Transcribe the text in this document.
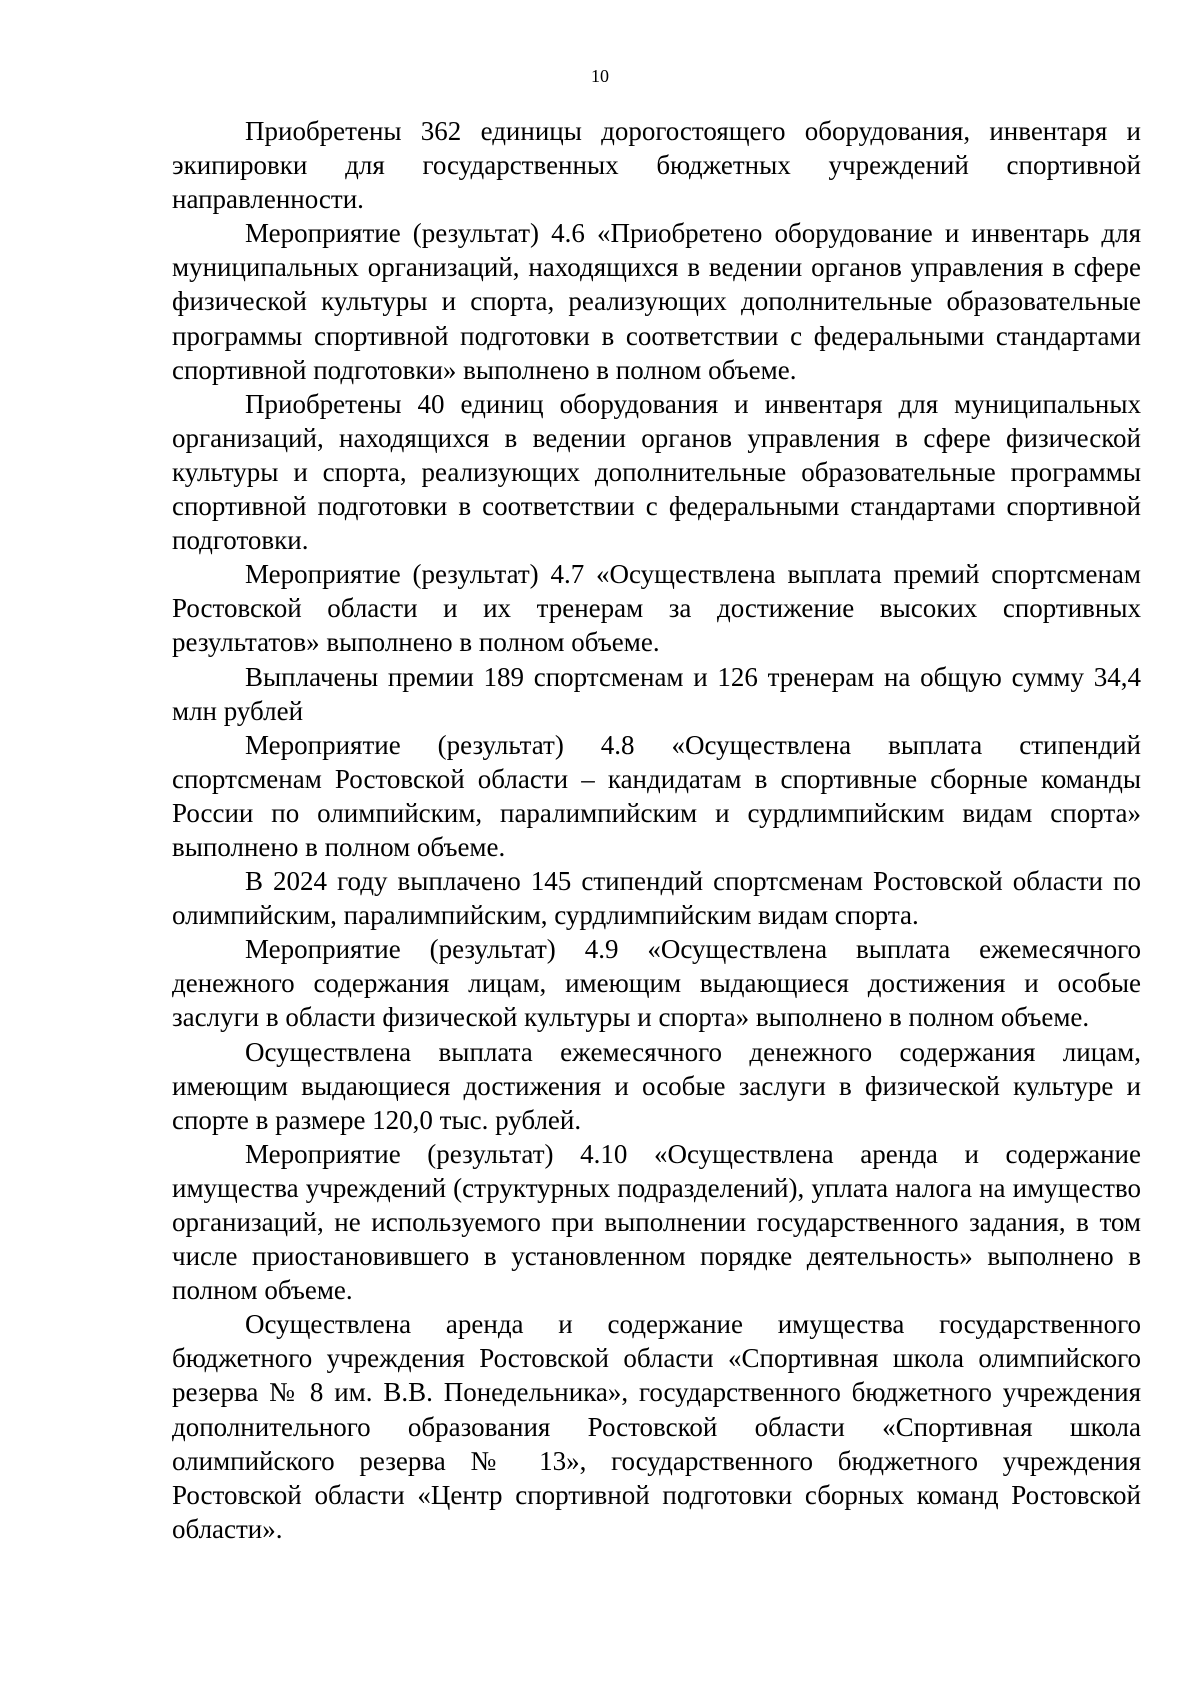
10

Приобретены 362 единицы дорогостоящего оборудования, инвентаря и экипировки для государственных бюджетных учреждений спортивной направленности.

Мероприятие (результат) 4.6 «Приобретено оборудование и инвентарь для муниципальных организаций, находящихся в ведении органов управления в сфере физической культуры и спорта, реализующих дополнительные образовательные программы спортивной подготовки в соответствии с федеральными стандартами спортивной подготовки» выполнено в полном объеме.

Приобретены 40 единиц оборудования и инвентаря для муниципальных организаций, находящихся в ведении органов управления в сфере физической культуры и спорта, реализующих дополнительные образовательные программы спортивной подготовки в соответствии с федеральными стандартами спортивной подготовки.

Мероприятие (результат) 4.7 «Осуществлена выплата премий спортсменам Ростовской области и их тренерам за достижение высоких спортивных результатов» выполнено в полном объеме.

Выплачены премии 189 спортсменам и 126 тренерам на общую сумму 34,4 млн рублей

Мероприятие (результат) 4.8 «Осуществлена выплата стипендий спортсменам Ростовской области – кандидатам в спортивные сборные команды России по олимпийским, паралимпийским и сурдлимпийским видам спорта» выполнено в полном объеме.

В 2024 году выплачено 145 стипендий спортсменам Ростовской области по олимпийским, паралимпийским, сурдлимпийским видам спорта.

Мероприятие (результат) 4.9 «Осуществлена выплата ежемесячного денежного содержания лицам, имеющим выдающиеся достижения и особые заслуги в области физической культуры и спорта» выполнено в полном объеме.

Осуществлена выплата ежемесячного денежного содержания лицам, имеющим выдающиеся достижения и особые заслуги в физической культуре и спорте в размере 120,0 тыс. рублей.

Мероприятие (результат) 4.10 «Осуществлена аренда и содержание имущества учреждений (структурных подразделений), уплата налога на имущество организаций, не используемого при выполнении государственного задания, в том числе приостановившего в установленном порядке деятельность» выполнено в полном объеме.

Осуществлена аренда и содержание имущества государственного бюджетного учреждения Ростовской области «Спортивная школа олимпийского резерва № 8 им. В.В. Понедельника», государственного бюджетного учреждения дополнительного образования Ростовской области «Спортивная школа олимпийского резерва № 13», государственного бюджетного учреждения Ростовской области «Центр спортивной подготовки сборных команд Ростовской области».
